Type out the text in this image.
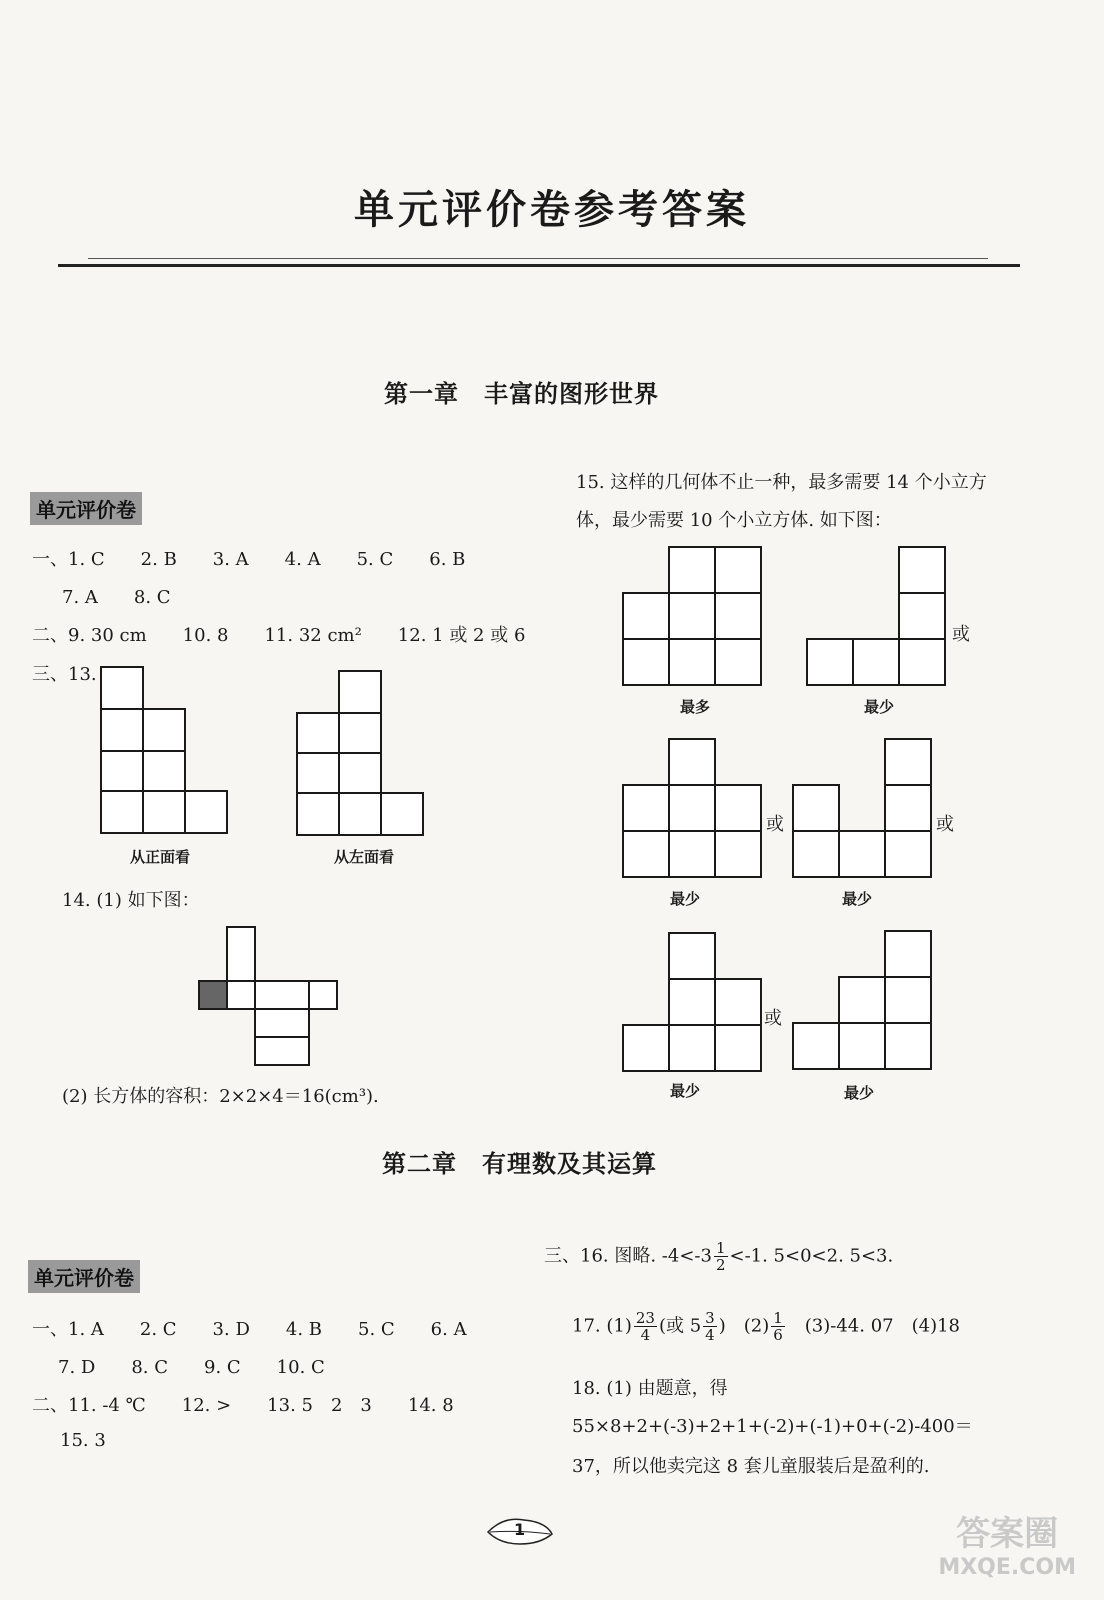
单元评价卷参考答案
第一章　丰富的图形世界
单元评价卷
一、1. C　　2. B　　3. A　　4. A　　5. C　　6. B
7. A　　8. C
二、9. 30 cm　　10. 8　　11. 32 cm²　　12. 1 或 2 或 6
三、13.
从正面看	从左面看
14. (1) 如下图：
(2) 长方体的容积：2×2×4＝16(cm³).
15. 这样的几何体不止一种，最多需要 14 个小立方
体，最少需要 10 个小立方体. 如下图：
最多
或
最少
或
最少
或
最少
或
最少	最少
第二章　有理数及其运算
单元评价卷
一、1. A　　2. C　　3. D　　4. B　　5. C　　6. A
7. D　　8. C　　9. C　　10. C
二、11. -4 ℃　　12. >　　13. 5　2　3　　14. 8
15. 3
三、16. 图略. $-4<-3 \frac{1}{2} <-1$. 5<0<2. 5<3.
17. $(1) \frac{23}{4}$ (或 $5 \frac{3}{4}$ )　$(2) \frac{1}{6}$ 　(3)-44. 07　(4)18
18. (1) 由题意，得
55×8+2+(-3)+2+1+(-2)+(-1)+0+(-2)-400＝
37，所以他卖完这 8 套儿童服装后是盈利的.
1	答案圈
MXQE.COM
